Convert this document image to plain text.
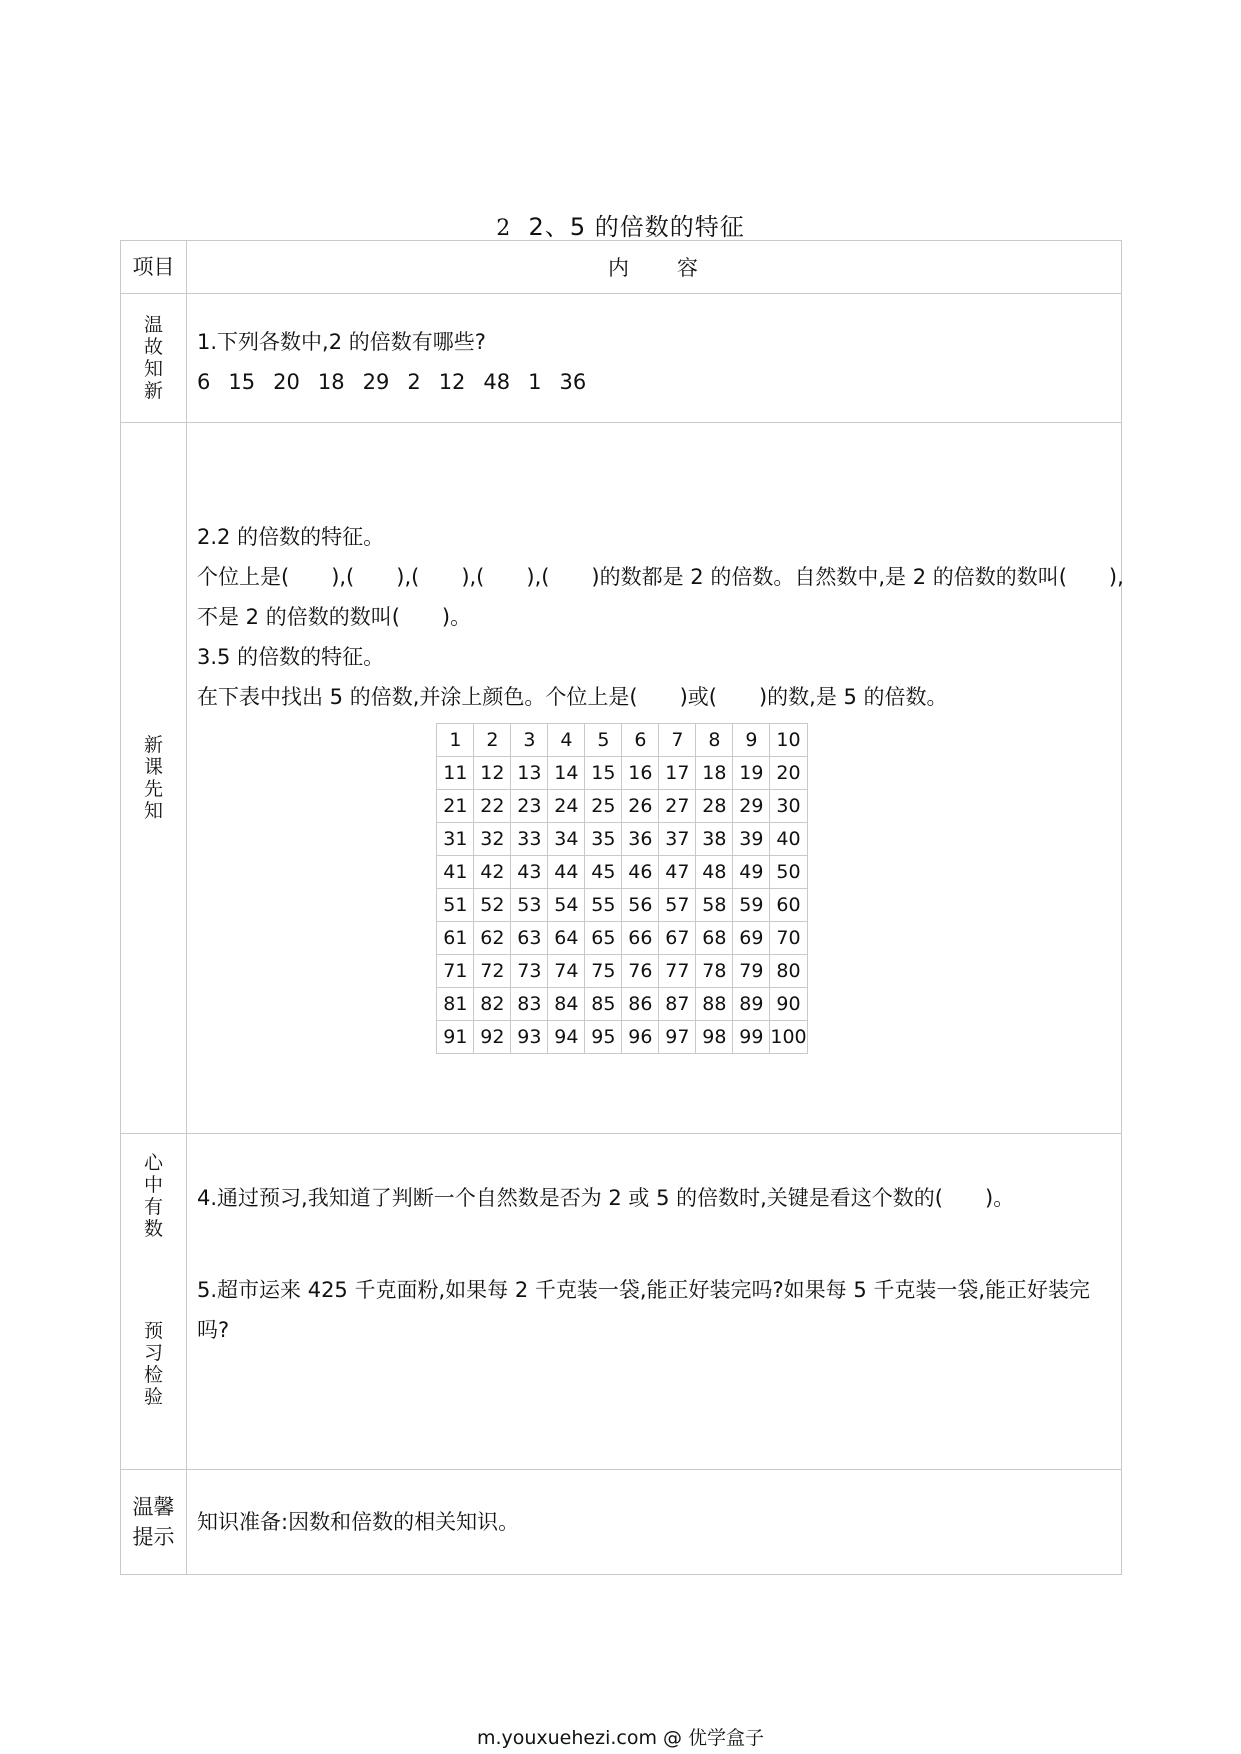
2 2、5 的倍数的特征
项目	内　　容

温故知新

1.下列各数中,2 的倍数有哪些?
6 15 20 18 29 2 12 48 1 36

新课先知

2.2 的倍数的特征。
个位上是(　　),(　　),(　　),(　　),(　　)的数都是 2 的倍数。自然数中,是 2 的倍数的数叫(　　),
不是 2 的倍数的数叫(　　)。
3.5 的倍数的特征。
在下表中找出 5 的倍数,并涂上颜色。个位上是(　　)或(　　)的数,是 5 的倍数。
1	2	3	4	5	6	7	8	9	10
11	12	13	14	15	16	17	18	19	20
21	22	23	24	25	26	27	28	29	30
31	32	33	34	35	36	37	38	39	40
41	42	43	44	45	46	47	48	49	50
51	52	53	54	55	56	57	58	59	60
61	62	63	64	65	66	67	68	69	70
71	72	73	74	75	76	77	78	79	80
81	82	83	84	85	86	87	88	89	90
91	92	93	94	95	96	97	98	99	100

心中有数
预习检验

4.通过预习,我知道了判断一个自然数是否为 2 或 5 的倍数时,关键是看这个数的(　　)。
5.超市运来 425 千克面粉,如果每 2 千克装一袋,能正好装完吗?如果每 5 千克装一袋,能正好装完
吗?

温馨提示

知识准备:因数和倍数的相关知识。
m.youxuehezi.com @ 优学盒子
